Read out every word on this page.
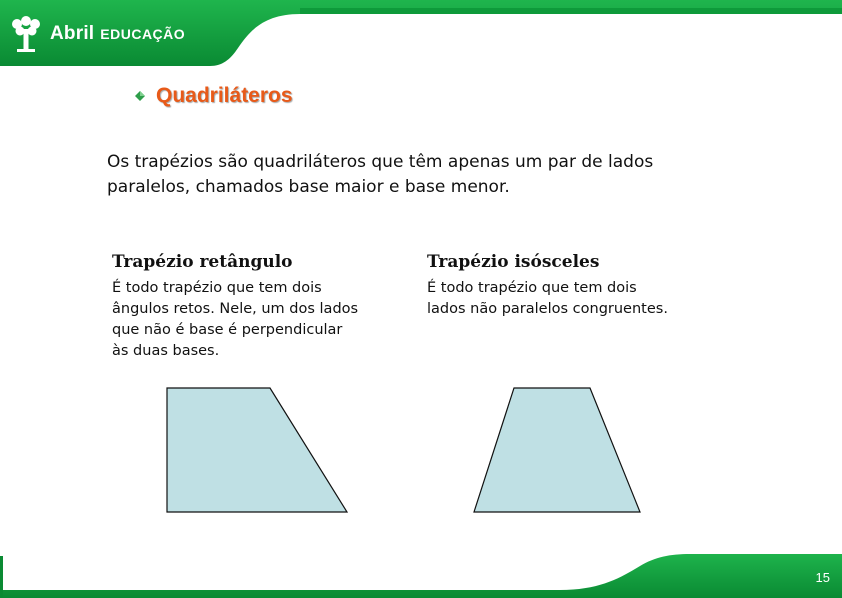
Abril EDUCAÇÃO
Quadriláteros
Os trapézios são quadriláteros que têm apenas um par de lados paralelos, chamados base maior e base menor.
Trapézio retângulo

É todo trapézio que tem dois ângulos retos. Nele, um dos lados que não é base é perpendicular às duas bases.

Trapézio isósceles

É todo trapézio que tem dois lados não paralelos congruentes.

15
